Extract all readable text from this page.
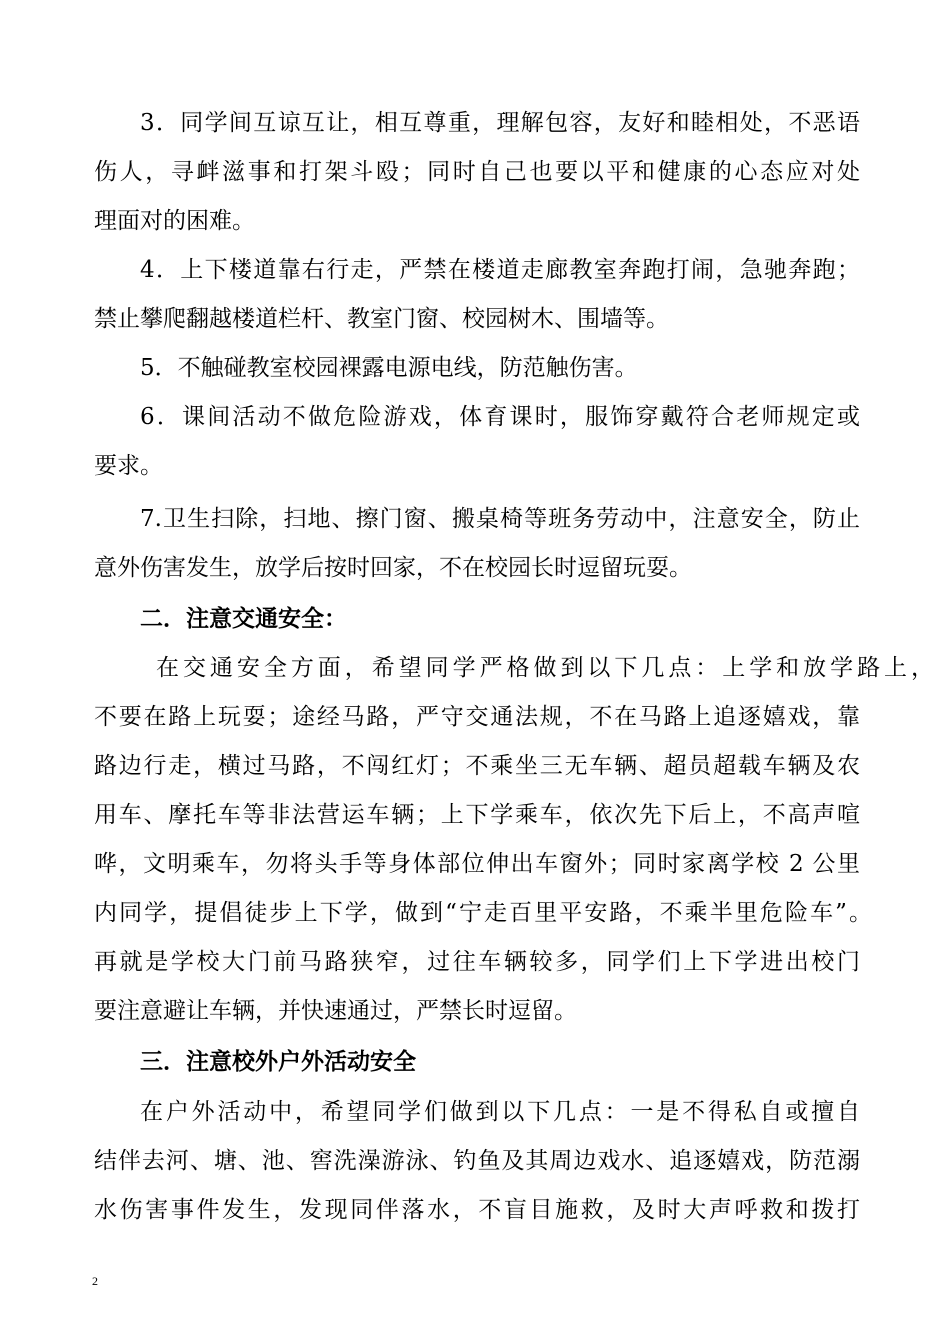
3．同学间互谅互让，相互尊重，理解包容，友好和睦相处，不恶语
伤人，寻衅滋事和打架斗殴；同时自己也要以平和健康的心态应对处
理面对的困难。
4．上下楼道靠右行走，严禁在楼道走廊教室奔跑打闹，急驰奔跑；
禁止攀爬翻越楼道栏杆、教室门窗、校园树木、围墙等。
5．不触碰教室校园裸露电源电线，防范触伤害。
6．课间活动不做危险游戏，体育课时，服饰穿戴符合老师规定或
要求。
7.卫生扫除，扫地、擦门窗、搬桌椅等班务劳动中，注意安全，防止
意外伤害发生，放学后按时回家，不在校园长时逗留玩耍。
二．注意交通安全：
在交通安全方面，希望同学严格做到以下几点：上学和放学路上，
不要在路上玩耍；途经马路，严守交通法规，不在马路上追逐嬉戏，靠
路边行走，横过马路，不闯红灯；不乘坐三无车辆、超员超载车辆及农
用车、摩托车等非法营运车辆；上下学乘车，依次先下后上，不高声喧
哗，文明乘车，勿将头手等身体部位伸出车窗外；同时家离学校 2 公里
内同学，提倡徒步上下学，做到“宁走百里平安路，不乘半里危险车”。
再就是学校大门前马路狭窄，过往车辆较多，同学们上下学进出校门
要注意避让车辆，并快速通过，严禁长时逗留。
三．注意校外户外活动安全
在户外活动中，希望同学们做到以下几点：一是不得私自或擅自
结伴去河、塘、池、窖洗澡游泳、钓鱼及其周边戏水、追逐嬉戏，防范溺
水伤害事件发生，发现同伴落水，不盲目施救，及时大声呼救和拨打
2
